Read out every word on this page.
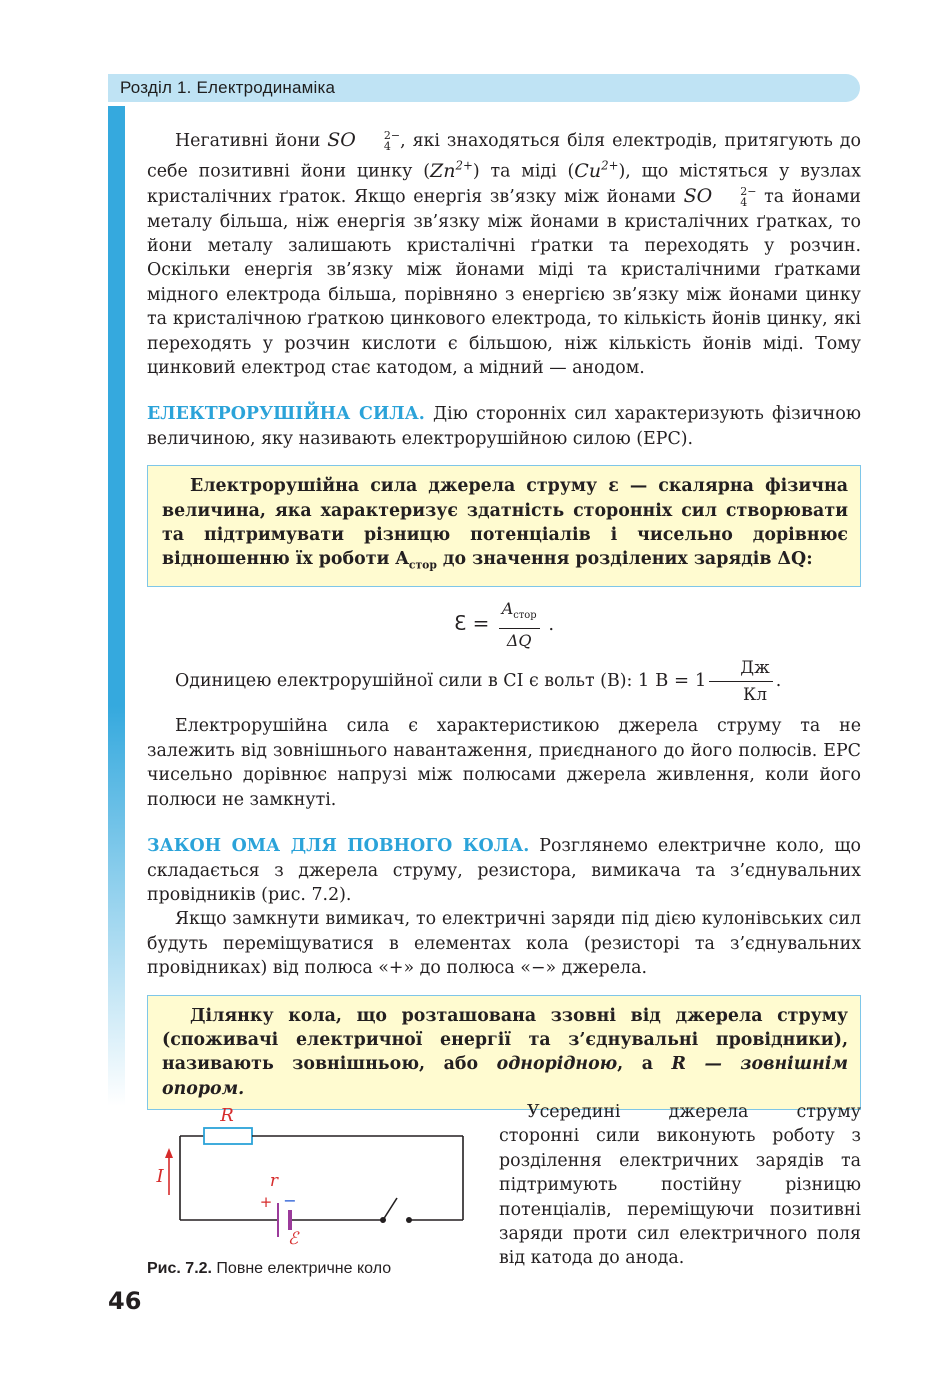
Розділ 1. Електродинаміка

Негативні йони SO	2−
4 , які знаходяться біля електродів, притягують до себе позитивні йони цинку $(Zn^{2+})$ та міді $(Cu^{2+})$, що містяться у вузлах кристалічних ґраток. Якщо енергія зв’язку між йонами SO	2−
4 та йонами металу більша, ніж енергія зв’язку між йонами в кристалічних ґратках, то йони металу залишають кристалічні ґратки та переходять у розчин. Оскільки енергія зв’язку між йонами міді та кристалічними ґратками мідного електрода більша, порівняно з енергією зв’язку між йонами цинку та кристалічною ґраткою цинкового електрода, то кількість йонів цинку, які переходять у розчин кислоти є більшою, ніж кількість йонів міді. Тому цинковий електрод стає катодом, а мідний — анодом.

ЕЛЕКТРОРУШІЙНА СИЛА. Дію сторонніх сил характеризують фізичною величиною, яку називають електрорушійною силою (ЕРС).

Електрорушійна сила джерела струму ε — скалярна фізична величина, яка характеризує здатність сторонніх сил створювати та підтримувати різницю потенціалів і чисельно дорівнює відношенню їх роботи $A_{стор}$ до значення розділених зарядів ΔQ:

ℇ = $\frac{A_{стор}}{\Delta Q}$ .

Одиницею електрорушійної сили в СІ є вольт (В): 1 $В = 1 \frac{Дж}{Кл}$ .

Електрорушійна сила є характеристикою джерела струму та не залежить від зовнішнього навантаження, приєднаного до його полюсів. ЕРС чисельно дорівнює напрузі між полюсами джерела живлення, коли його полюси не замкнуті.

ЗАКОН ОМА ДЛЯ ПОВНОГО КОЛА. Розглянемо електричне коло, що складається з джерела струму, резистора, вимикача та з’єднувальних провідників (рис. 7.2).

Якщо замкнути вимикач, то електричні заряди під дією кулонівських сил будуть переміщуватися в елементах кола (резисторі та з’єднувальних провідниках) від полюса «+» до полюса «−» джерела.

Ділянку кола, що розташована ззовні від джерела струму (споживачі електричної енергії та з’єднувальні провідники), називають зовнішньою, або однорідною, а R — зовнішнім опором.

R
I	r
+ −
ℰ
Рис. 7.2. Повне електричне коло

Усередині джерела струму сторонні сили виконують роботу з розділення електричних зарядів та підтримують постійну різницю потенціалів, переміщуючи позитивні заряди проти сил електричного поля від катода до анода.

46
